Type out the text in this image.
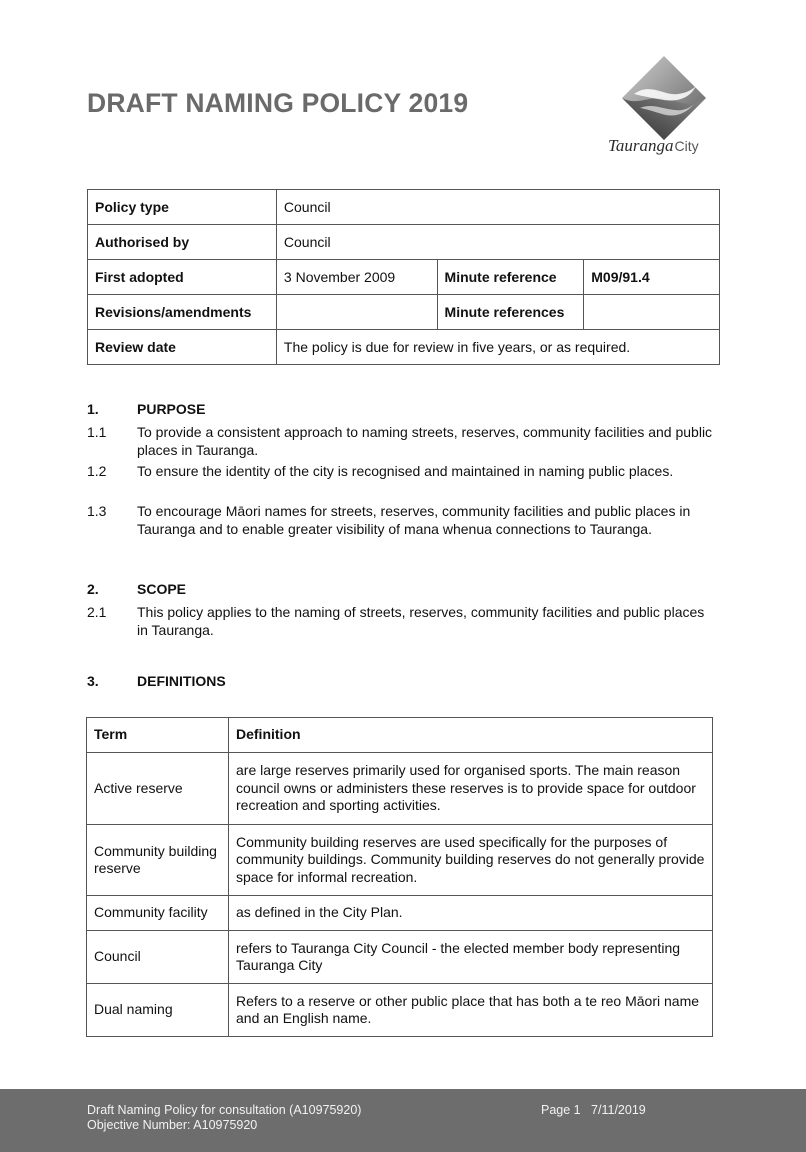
DRAFT NAMING POLICY 2019
TaurangaCity
Policy type	Council		
Authorised by	Council		
First adopted	3 November 2009	Minute reference	M09/91.4
Revisions/amendments		Minute references	
Review date	The policy is due for review in five years, or as required.		
1.	PURPOSE
1.1 To provide a consistent approach to naming streets, reserves, community facilities and public places in Tauranga.
1.2 To ensure the identity of the city is recognised and maintained in naming public places.
1.3 To encourage Māori names for streets, reserves, community facilities and public places in Tauranga and to enable greater visibility of mana whenua connections to Tauranga.
2.	SCOPE
2.1 This policy applies to the naming of streets, reserves, community facilities and public places in Tauranga.
3.	DEFINITIONS
Term	Definition
Active reserve	are large reserves primarily used for organised sports. The main reason council owns or administers these reserves is to provide space for outdoor recreation and sporting activities.
Community building reserve	Community building reserves are used specifically for the purposes of community buildings. Community building reserves do not generally provide space for informal recreation.
Community facility	as defined in the City Plan.
Council	refers to Tauranga City Council - the elected member body representing Tauranga City
Dual naming	Refers to a reserve or other public place that has both a te reo Māori name and an English name.
Draft Naming Policy for consultation (A10975920)
Objective Number: A10975920
Page 1 7/11/2019
